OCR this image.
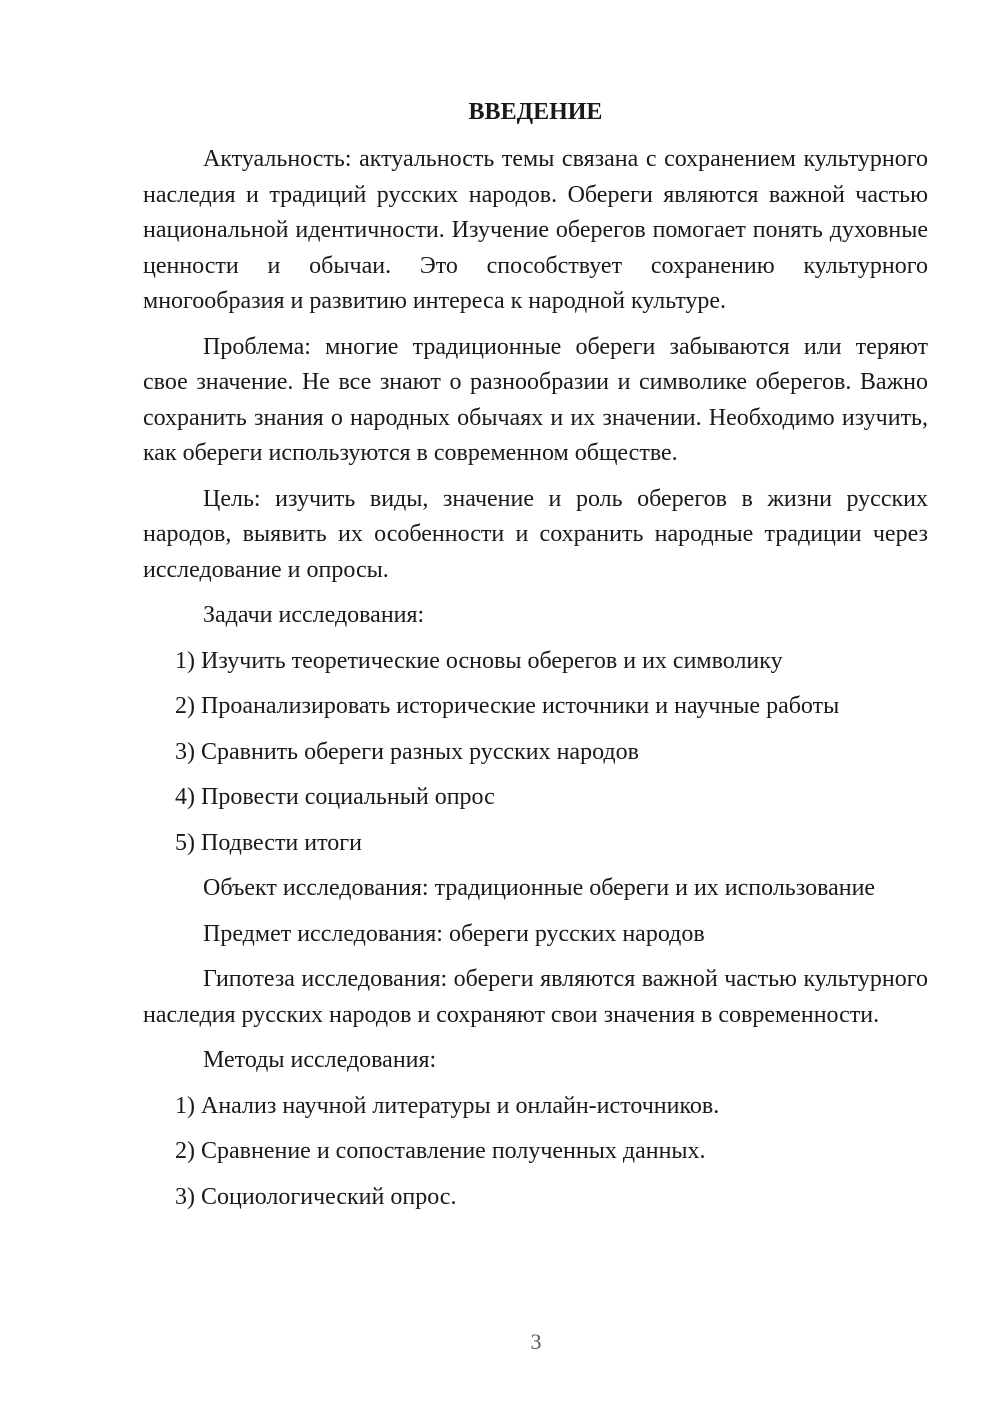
ВВЕДЕНИЕ

Актуальность: актуальность темы связана с сохранением культурного наследия и традиций русских народов. Обереги являются важной частью национальной идентичности. Изучение оберегов помогает понять духовные ценности и обычаи. Это способствует сохранению культурного многообразия и развитию интереса к народной культуре.

Проблема: многие традиционные обереги забываются или теряют свое значение. Не все знают о разнообразии и символике оберегов. Важно сохранить знания о народных обычаях и их значении. Необходимо изучить, как обереги используются в современном обществе.

Цель: изучить виды, значение и роль оберегов в жизни русских народов, выявить их особенности и сохранить народные традиции через исследование и опросы.

Задачи исследования:

1) Изучить теоретические основы оберегов и их символику

2) Проанализировать исторические источники и научные работы

3) Сравнить обереги разных русских народов

4) Провести социальный опрос

5) Подвести итоги

Объект исследования: традиционные обереги и их использование

Предмет исследования: обереги русских народов

Гипотеза исследования: обереги являются важной частью культурного наследия русских народов и сохраняют свои значения в современности.

Методы исследования:

1) Анализ научной литературы и онлайн-источников.

2) Сравнение и сопоставление полученных данных.

3) Социологический опрос.

3
